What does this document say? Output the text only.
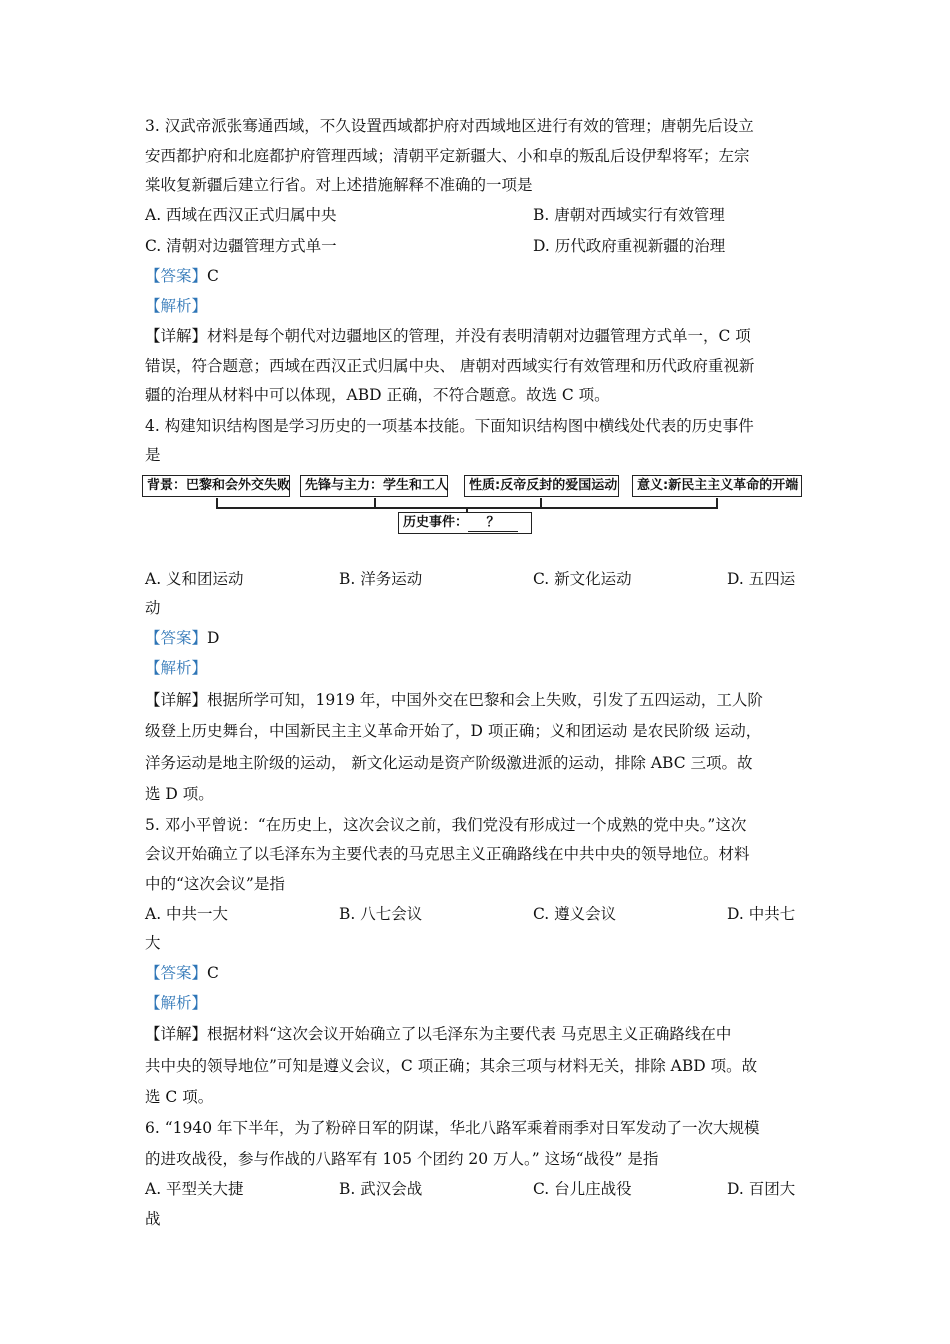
3. 汉武帝派张骞通西域，不久设置西域都护府对西域地区进行有效的管理；唐朝先后设立
安西都护府和北庭都护府管理西域；清朝平定新疆大、小和卓的叛乱后设伊犁将军；左宗
棠收复新疆后建立行省。对上述措施解释不准确的一项是
A. 西域在西汉正式归属中央	B. 唐朝对西域实行有效管理
C. 清朝对边疆管理方式单一	D. 历代政府重视新疆的治理
【答案】C
【解析】
【详解】材料是每个朝代对边疆地区的管理，并没有表明清朝对边疆管理方式单一，C 项
错误，符合题意；西域在西汉正式归属中央、 唐朝对西域实行有效管理和历代政府重视新
疆的治理从材料中可以体现，ABD 正确，不符合题意。故选 C 项。
4. 构建知识结构图是学习历史的一项基本技能。下面知识结构图中横线处代表的历史事件
是
背景：巴黎和会外交失败	先锋与主力：学生和工人	性质:反帝反封的爱国运动	意义:新民主主义革命的开端
历史事件： ？
A. 义和团运动	B. 洋务运动	C. 新文化运动	D. 五四运
动
【答案】D
【解析】
【详解】根据所学可知，1919 年，中国外交在巴黎和会上失败，引发了五四运动，工人阶
级登上历史舞台，中国新民主主义革命开始了，D 项正确；义和团运动 是农民阶级 运动，
洋务运动是地主阶级的运动， 新文化运动是资产阶级激进派的运动，排除 ABC 三项。故
选 D 项。
5. 邓小平曾说：“在历史上，这次会议之前，我们党没有形成过一个成熟的党中央。”这次
会议开始确立了以毛泽东为主要代表的马克思主义正确路线在中共中央的领导地位。材料
中的“这次会议”是指
A. 中共一大	B. 八七会议	C. 遵义会议	D. 中共七
大
【答案】C
【解析】
【详解】根据材料“这次会议开始确立了以毛泽东为主要代表 马克思主义正确路线在中
共中央的领导地位”可知是遵义会议，C 项正确；其余三项与材料无关，排除 ABD 项。故
选 C 项。
6. “1940 年下半年，为了粉碎日军的阴谋，华北八路军乘着雨季对日军发动了一次大规模
的进攻战役，参与作战的八路军有 105 个团约 20 万人。” 这场“战役” 是指
A. 平型关大捷	B. 武汉会战	C. 台儿庄战役	D. 百团大
战
